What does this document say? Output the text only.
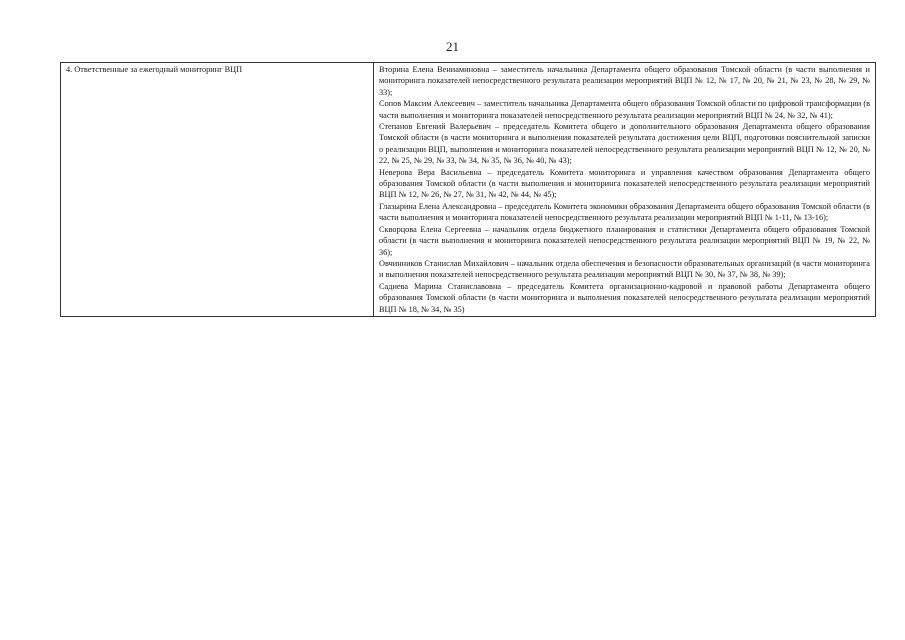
21
4. Ответственные за ежегодный мониторинг ВЦП	Вторина Елена Вениаминовна – заместитель начальника Департамента общего образования Томской области (в части выполнения и мониторинга показателей непосредственного результата реализации мероприятий ВЦП № 12, № 17, № 20, № 21, № 23, № 28, № 29, № 33);

Сопов Максим Алексеевич – заместитель начальника Департамента общего образования Томской области по цифровой трансформации (в части выполнения и мониторинга показателей непосредственного результата реализации мероприятий ВЦП № 24, № 32, № 41);

Степанов Евгений Валерьевич – председатель Комитета общего и дополнительного образования Департамента общего образования Томской области (в части мониторинга и выполнения показателей результата достижения цели ВЦП, подготовки пояснительной записки о реализации ВЦП, выполнения и мониторинга показателей непосредственного результата реализации мероприятий ВЦП № 12, № 20, № 22, № 25, № 29, № 33, № 34, № 35, № 36, № 40, № 43);

Неверова Вера Васильевна – председатель Комитета мониторинга и управления качеством образования Департамента общего образования Томской области (в части выполнения и мониторинга показателей непосредственного результата реализации мероприятий ВЦП № 12, № 26, № 27, № 31, № 42, № 44, № 45);

Глазырина Елена Александровна – председатель Комитета экономики образования Департамента общего образования Томской области (в части выполнения и мониторинга показателей непосредственного результата реализации мероприятий ВЦП № 1-11, № 13-16);

Скворцова Елена Сергеевна – начальник отдела бюджетного планирования и статистики Департамента общего образования Томской области (в части выполнения и мониторинга показателей непосредственного результата реализации мероприятий ВЦП № 19, № 22, № 36);

Овчинников Станислав Михайлович – начальник отдела обеспечения и безопасности образовательных организаций (в части мониторинга и выполнения показателей непосредственного результата реализации мероприятий ВЦП № 30, № 37, № 38, № 39);

Садиева Марина Станиславовна – председатель Комитета организационно-кадровой и правовой работы Департамента общего образования Томской области (в части мониторинга и выполнения показателей непосредственного результата реализации мероприятий ВЦП № 18, № 34, № 35)
